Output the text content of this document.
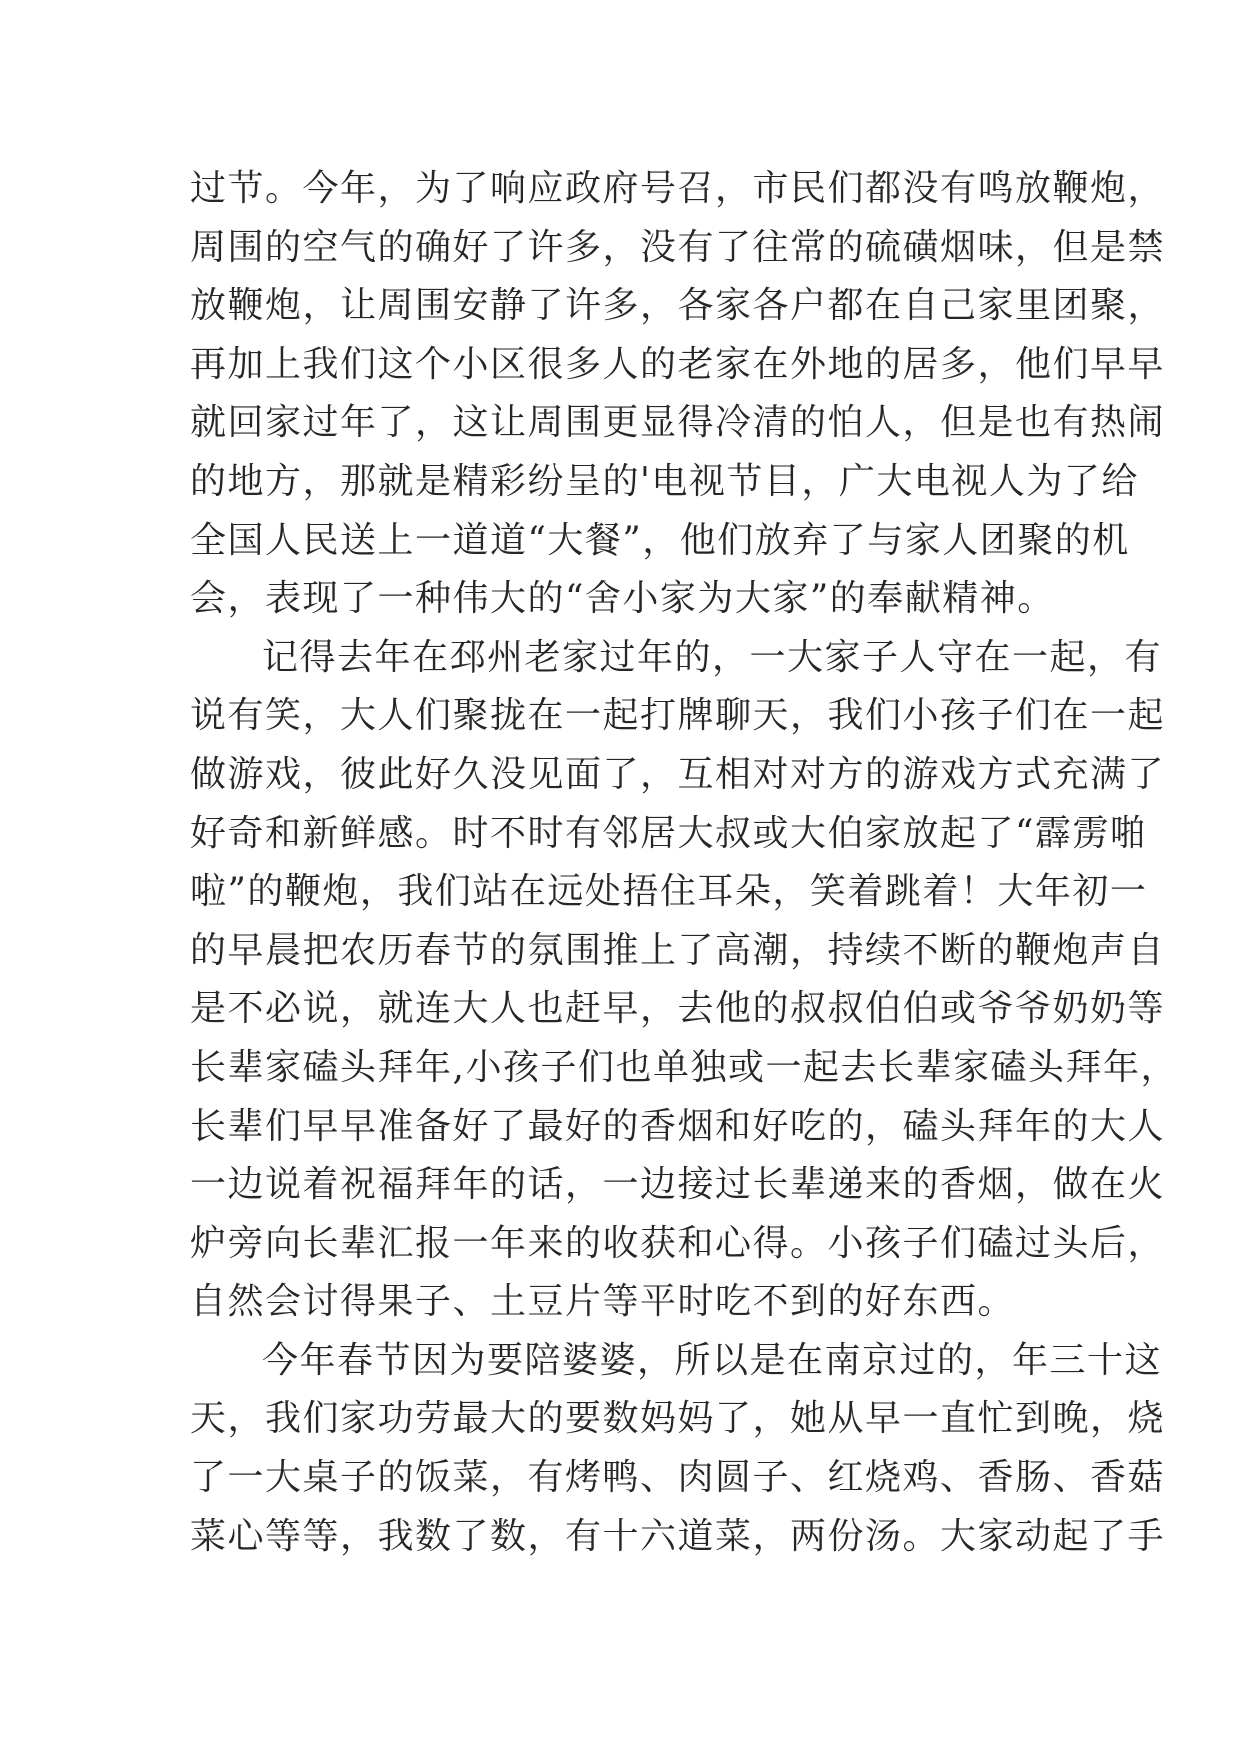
过节。今年，为了响应政府号召，市民们都没有鸣放鞭炮，
周围的空气的确好了许多，没有了往常的硫磺烟味，但是禁
放鞭炮，让周围安静了许多，各家各户都在自己家里团聚，
再加上我们这个小区很多人的老家在外地的居多，他们早早
就回家过年了，这让周围更显得冷清的怕人，但是也有热闹
的地方，那就是精彩纷呈的'电视节目，广大电视人为了给
全国人民送上一道道“大餐”，他们放弃了与家人团聚的机
会，表现了一种伟大的“舍小家为大家”的奉献精神。
记得去年在邳州老家过年的，一大家子人守在一起，有
说有笑，大人们聚拢在一起打牌聊天，我们小孩子们在一起
做游戏，彼此好久没见面了，互相对对方的游戏方式充满了
好奇和新鲜感。时不时有邻居大叔或大伯家放起了“霹雳啪
啦”的鞭炮，我们站在远处捂住耳朵，笑着跳着！大年初一
的早晨把农历春节的氛围推上了高潮，持续不断的鞭炮声自
是不必说，就连大人也赶早，去他的叔叔伯伯或爷爷奶奶等
长辈家磕头拜年,小孩子们也单独或一起去长辈家磕头拜年，
长辈们早早准备好了最好的香烟和好吃的，磕头拜年的大人
一边说着祝福拜年的话，一边接过长辈递来的香烟，做在火
炉旁向长辈汇报一年来的收获和心得。小孩子们磕过头后，
自然会讨得果子、土豆片等平时吃不到的好东西。
今年春节因为要陪婆婆，所以是在南京过的，年三十这
天，我们家功劳最大的要数妈妈了，她从早一直忙到晚，烧
了一大桌子的饭菜，有烤鸭、肉圆子、红烧鸡、香肠、香菇
菜心等等，我数了数，有十六道菜，两份汤。大家动起了手
